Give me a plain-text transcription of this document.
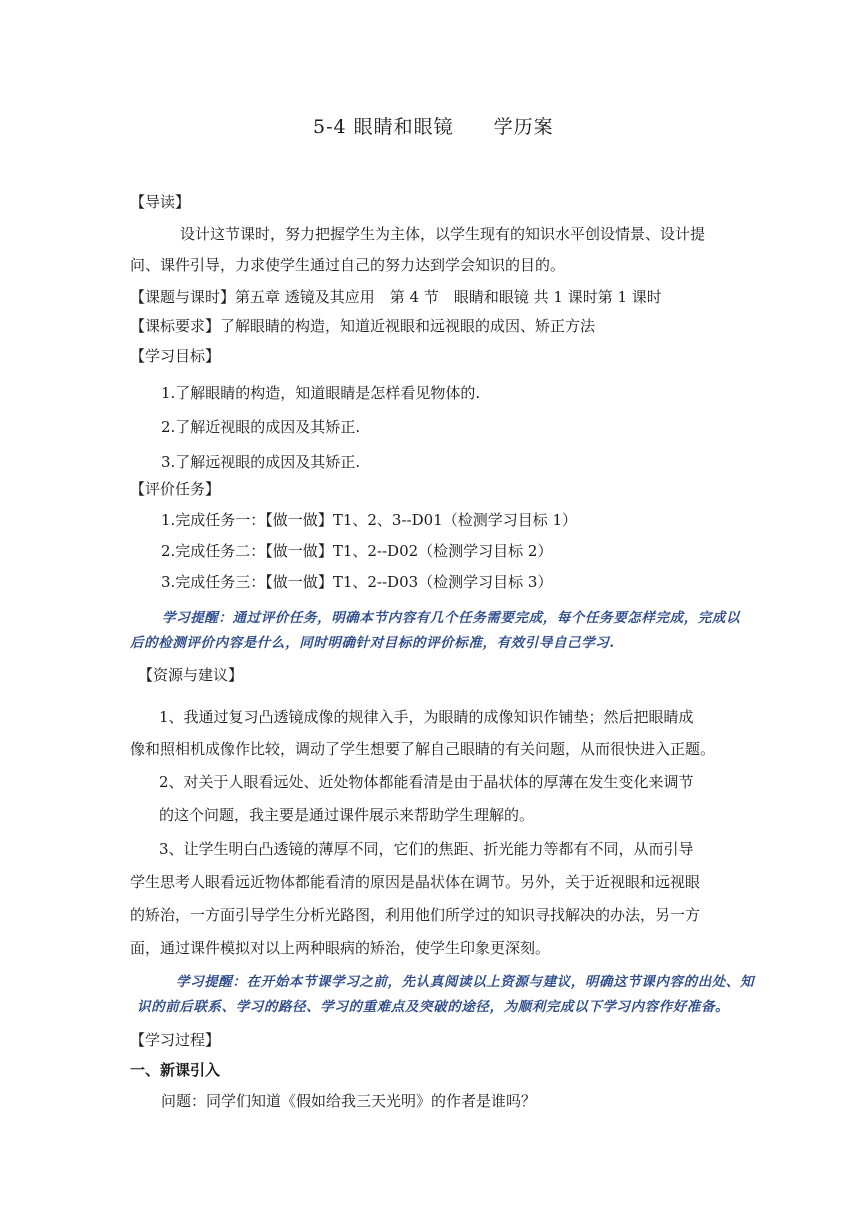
5-4 眼睛和眼镜　　学历案
【导读】
设计这节课时，努力把握学生为主体，以学生现有的知识水平创设情景、设计提
问、课件引导，力求使学生通过自己的努力达到学会知识的目的。
【课题与课时】第五章 透镜及其应用　第 4 节　眼睛和眼镜 共 1 课时第 1 课时
【课标要求】了解眼睛的构造，知道近视眼和远视眼的成因、矫正方法
【学习目标】
1.了解眼睛的构造，知道眼睛是怎样看见物体的.
2.了解近视眼的成因及其矫正.
3.了解远视眼的成因及其矫正.
【评价任务】
1.完成任务一：【做一做】T1、2、3--D01（检测学习目标 1）
2.完成任务二：【做一做】T1、2--D02（检测学习目标 2）
3.完成任务三：【做一做】T1、2--D03（检测学习目标 3）
学习提醒：通过评价任务，明确本节内容有几个任务需要完成，每个任务要怎样完成，完成以
后的检测评价内容是什么，同时明确针对目标的评价标准，有效引导自己学习.
【资源与建议】
1、我通过复习凸透镜成像的规律入手，为眼睛的成像知识作铺垫；然后把眼睛成
像和照相机成像作比较，调动了学生想要了解自己眼睛的有关问题，从而很快进入正题。
2、对关于人眼看远处、近处物体都能看清是由于晶状体的厚薄在发生变化来调节
的这个问题，我主要是通过课件展示来帮助学生理解的。
3、让学生明白凸透镜的薄厚不同，它们的焦距、折光能力等都有不同，从而引导
学生思考人眼看远近物体都能看清的原因是晶状体在调节。另外，关于近视眼和远视眼
的矫治，一方面引导学生分析光路图，利用他们所学过的知识寻找解决的办法，另一方
面，通过课件模拟对以上两种眼病的矫治，使学生印象更深刻。
学习提醒：在开始本节课学习之前，先认真阅读以上资源与建议，明确这节课内容的出处、知
识的前后联系、学习的路径、学习的重难点及突破的途径，为顺利完成以下学习内容作好准备。
【学习过程】
一、新课引入
问题：同学们知道《假如给我三天光明》的作者是谁吗？
